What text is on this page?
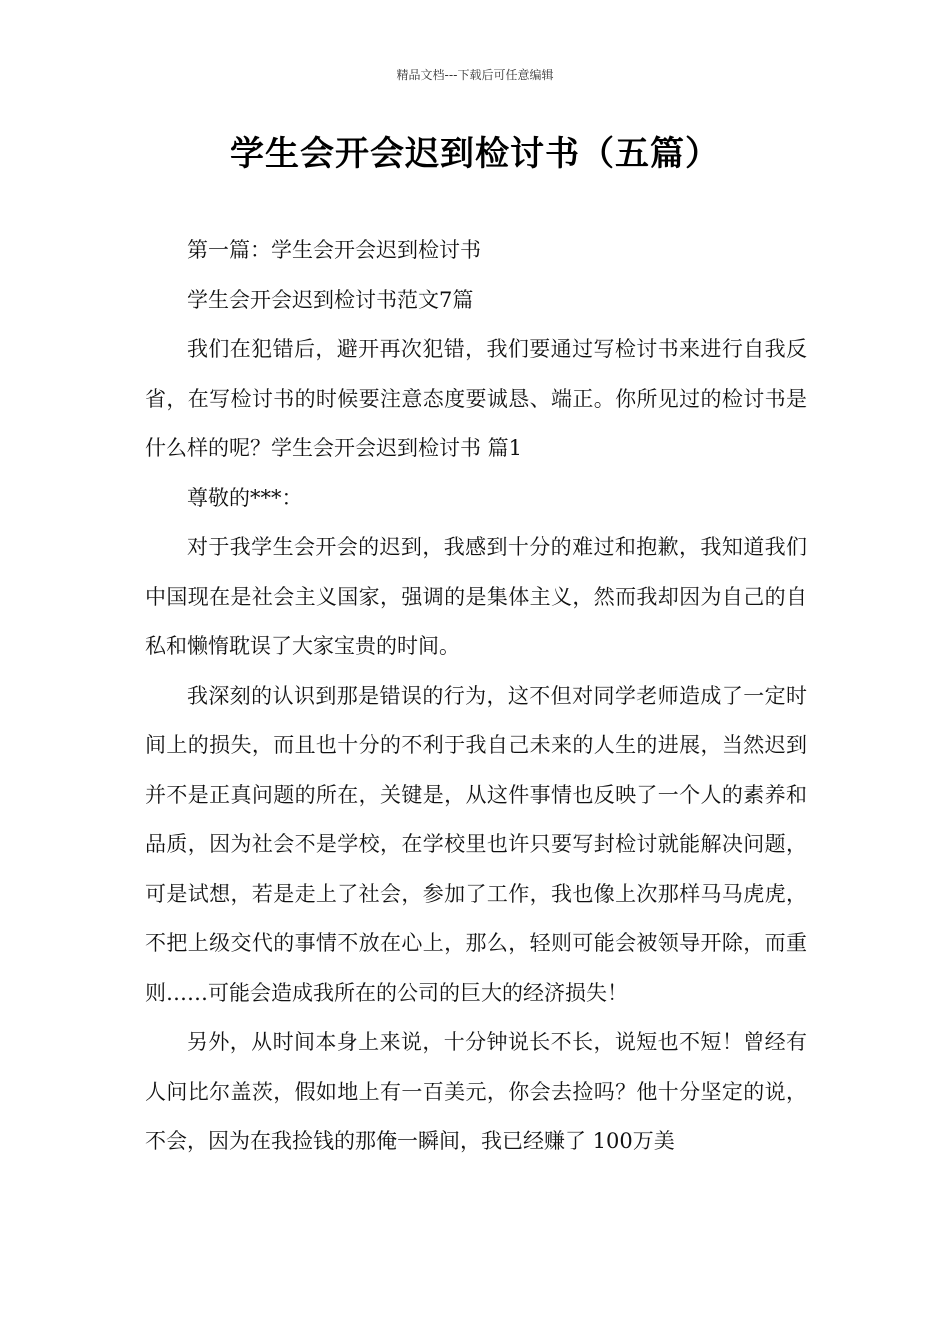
精品文档---下载后可任意编辑
学生会开会迟到检讨书（五篇）

第一篇：学生会开会迟到检讨书

学生会开会迟到检讨书范文7篇

我们在犯错后，避开再次犯错，我们要通过写检讨书来进行自我反省，在写检讨书的时候要注意态度要诚恳、端正。你所见过的检讨书是什么样的呢？学生会开会迟到检讨书 篇1

尊敬的***：

对于我学生会开会的迟到，我感到十分的难过和抱歉，我知道我们中国现在是社会主义国家，强调的是集体主义，然而我却因为自己的自私和懒惰耽误了大家宝贵的时间。

我深刻的认识到那是错误的行为，这不但对同学老师造成了一定时间上的损失，而且也十分的不利于我自己未来的人生的进展，当然迟到并不是正真问题的所在，关键是，从这件事情也反映了一个人的素养和品质，因为社会不是学校，在学校里也许只要写封检讨就能解决问题，可是试想，若是走上了社会，参加了工作，我也像上次那样马马虎虎，不把上级交代的事情不放在心上，那么，轻则可能会被领导开除，而重则……可能会造成我所在的公司的巨大的经济损失！

另外，从时间本身上来说，十分钟说长不长，说短也不短！曾经有人问比尔盖茨，假如地上有一百美元，你会去捡吗？他十分坚定的说，不会，因为在我捡钱的那俺一瞬间，我已经赚了 100万美
